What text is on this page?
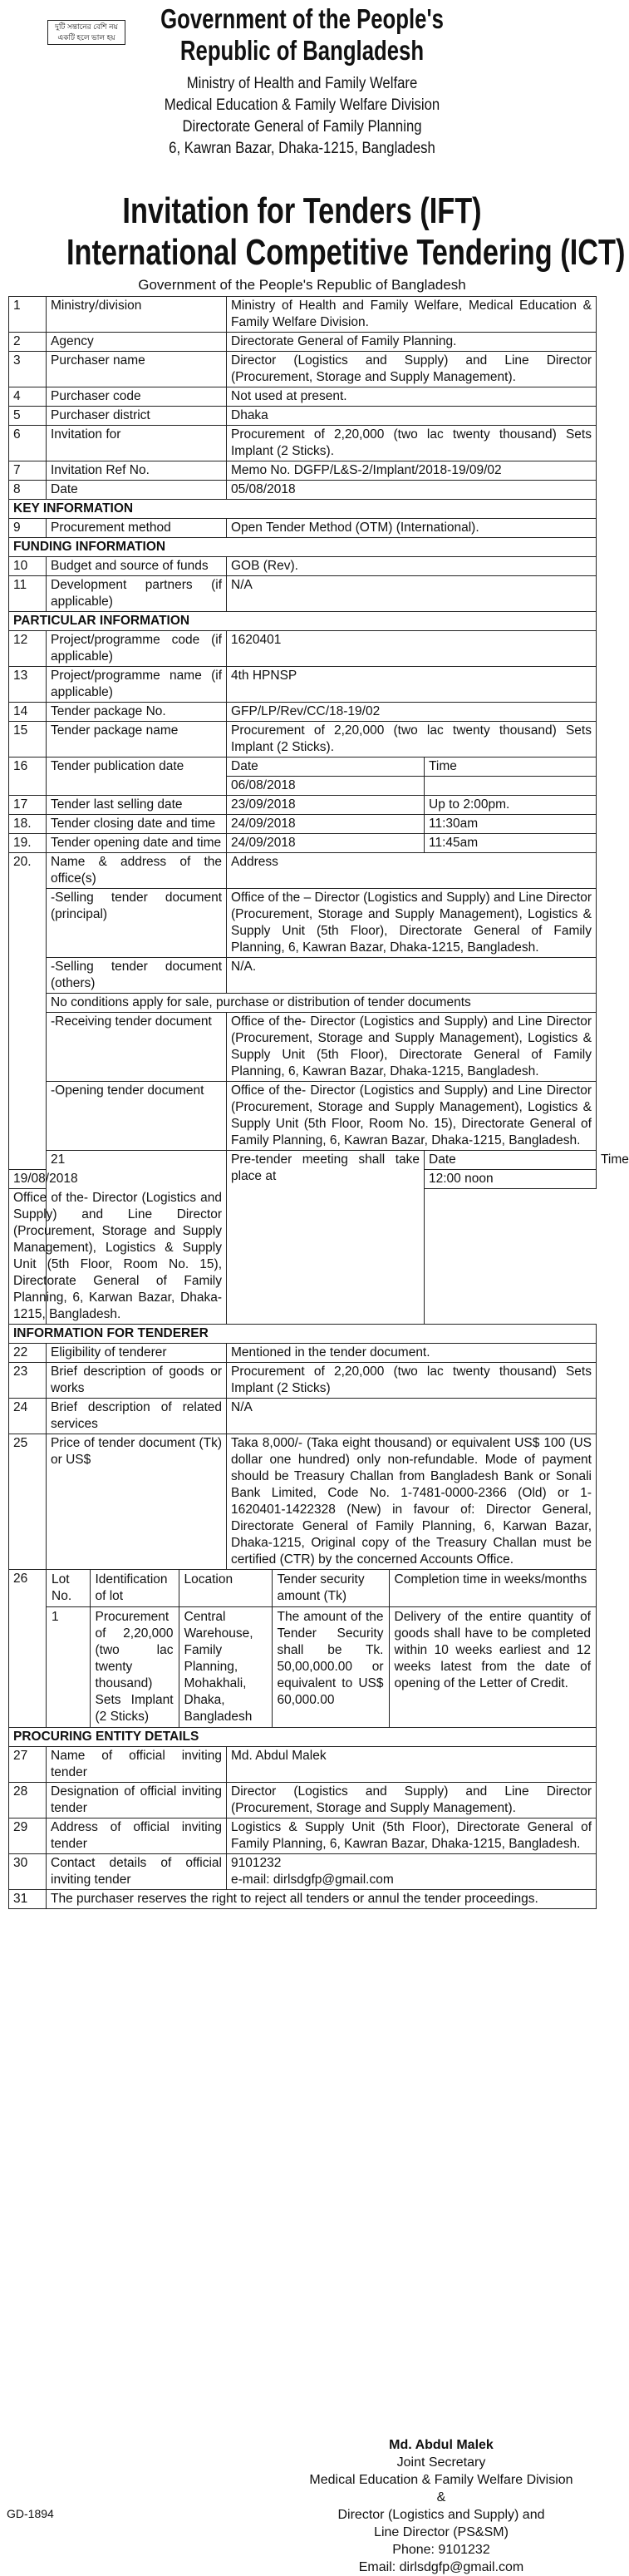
দুটি সন্তানের বেশি নয়
একটি হলে ভাল হয়
Government of the People's
Republic of Bangladesh
Ministry of Health and Family Welfare
Medical Education & Family Welfare Division
Directorate General of Family Planning
6, Kawran Bazar, Dhaka-1215, Bangladesh
Invitation for Tenders (IFT)
International Competitive Tendering (ICT)
Government of the People's Republic of Bangladesh
1	Ministry/division	Ministry of Health and Family Welfare, Medical Education & Family Welfare Division.
2	Agency	Directorate General of Family Planning.
3	Purchaser name	Director (Logistics and Supply) and Line Director (Procurement, Storage and Supply Management).
4	Purchaser code	Not used at present.
5	Purchaser district	Dhaka
6	Invitation for	Procurement of 2,20,000 (two lac twenty thousand) Sets Implant (2 Sticks).
7	Invitation Ref No.	Memo No. DGFP/L&S-2/Implant/2018-19/09/02
8	Date	05/08/2018
KEY INFORMATION
9	Procurement method	Open Tender Method (OTM) (International).
FUNDING INFORMATION
10	Budget and source of funds	GOB (Rev).
11	Development partners (if applicable)	N/A
PARTICULAR INFORMATION
12	Project/programme code (if applicable)	1620401
13	Project/programme name (if applicable)	4th HPNSP
14	Tender package No.	GFP/LP/Rev/CC/18-19/02
15	Tender package name	Procurement of 2,20,000 (two lac twenty thousand) Sets Implant (2 Sticks).
16	Tender publication date	Date	Time
06/08/2018	
17	Tender last selling date	23/09/2018	Up to 2:00pm.
18.	Tender closing date and time	24/09/2018	11:30am
19.	Tender opening date and time	24/09/2018	11:45am
20.	Name & address of the office(s)	Address
-Selling tender document (principal)	Office of the – Director (Logistics and Supply) and Line Director (Procurement, Storage and Supply Management), Logistics & Supply Unit (5th Floor), Directorate General of Family Planning, 6, Kawran Bazar, Dhaka-1215, Bangladesh.
-Selling tender document (others)	N/A.
No conditions apply for sale, purchase or distribution of tender documents
-Receiving tender document	Office of the- Director (Logistics and Supply) and Line Director (Procurement, Storage and Supply Management), Logistics & Supply Unit (5th Floor), Directorate General of Family Planning, 6, Kawran Bazar, Dhaka-1215, Bangladesh.
-Opening tender document	Office of the- Director (Logistics and Supply) and Line Director (Procurement, Storage and Supply Management), Logistics & Supply Unit (5th Floor, Room No. 15), Directorate General of Family Planning, 6, Kawran Bazar, Dhaka-1215, Bangladesh.
21	Pre-tender meeting shall take place at	Date	Time
19/08/2018	12:00 noon
Office of the- Director (Logistics and Supply) and Line Director (Procurement, Storage and Supply Management), Logistics & Supply Unit (5th Floor, Room No. 15), Directorate General of Family Planning, 6, Karwan Bazar, Dhaka-1215, Bangladesh.
INFORMATION FOR TENDERER
22	Eligibility of tenderer	Mentioned in the tender document.
23	Brief description of goods or works	Procurement of 2,20,000 (two lac twenty thousand) Sets Implant (2 Sticks)
24	Brief description of related services	N/A
25	Price of tender document (Tk) or US$	Taka 8,000/- (Taka eight thousand) or equivalent US$ 100 (US dollar one hundred) only non-refundable. Mode of payment should be Treasury Challan from Bangladesh Bank or Sonali Bank Limited, Code No. 1-7481-0000-2366 (Old) or 1-1620401-1422328 (New) in favour of: Director General, Directorate General of Family Planning, 6, Karwan Bazar, Dhaka-1215, Original copy of the Treasury Challan must be certified (CTR) by the concerned Accounts Office.
26	Lot No.	Identification of lot	Location	Tender security amount (Tk)	Completion time in weeks/months
1	Procurement of 2,20,000 (two lac twenty thousand) Sets Implant (2 Sticks)	Central Warehouse, Family Planning, Mohakhali, Dhaka, Bangladesh	The amount of the Tender Security shall be Tk. 50,00,000.00 or equivalent to US$ 60,000.00	Delivery of the entire quantity of goods shall have to be completed within 10 weeks earliest and 12 weeks latest from the date of opening of the Letter of Credit.

PROCURING ENTITY DETAILS
27	Name of official inviting tender	Md. Abdul Malek
28	Designation of official inviting tender	Director (Logistics and Supply) and Line Director (Procurement, Storage and Supply Management).
29	Address of official inviting tender	Logistics & Supply Unit (5th Floor), Directorate General of Family Planning, 6, Kawran Bazar, Dhaka-1215, Bangladesh.
30	Contact details of official inviting tender	
9101232
e-mail: dirlsdgfp@gmail.com

31	The purchaser reserves the right to reject all tenders or annul the tender proceedings.
Md. Abdul Malek
Joint Secretary
Medical Education & Family Welfare Division
&
Director (Logistics and Supply) and
Line Director (PS&SM)
Phone: 9101232
Email: dirlsdgfp@gmail.com
GD-1894
